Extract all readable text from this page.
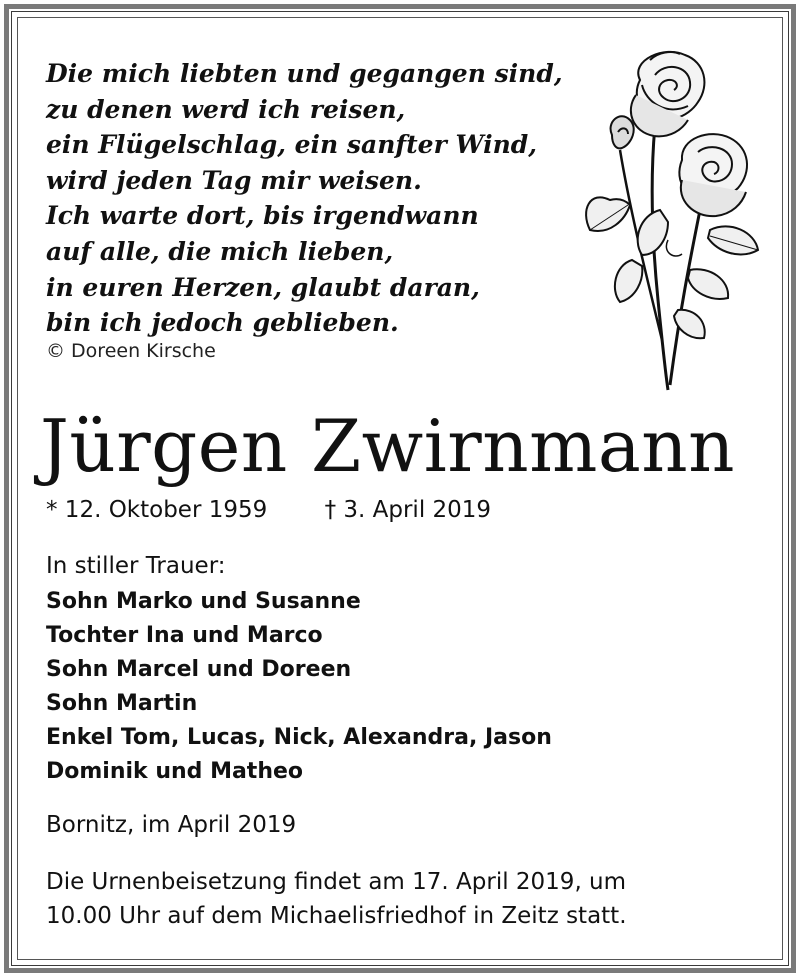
Die mich liebten und gegangen sind,
zu denen werd ich reisen,
ein Flügelschlag, ein sanfter Wind,
wird jeden Tag mir weisen.
Ich warte dort, bis irgendwann
auf alle, die mich lieben,
in euren Herzen, glaubt daran,
bin ich jedoch geblieben.
© Doreen Kirsche
Jürgen Zwirnmann
* 12. Oktober 1959 † 3. April 2019
In stiller Trauer:
Sohn Marko und Susanne
Tochter Ina und Marco
Sohn Marcel und Doreen
Sohn Martin
Enkel Tom, Lucas, Nick, Alexandra, Jason
Dominik und Matheo
Bornitz, im April 2019
Die Urnenbeisetzung findet am 17. April 2019, um
10.00 Uhr auf dem Michaelisfriedhof in Zeitz statt.
